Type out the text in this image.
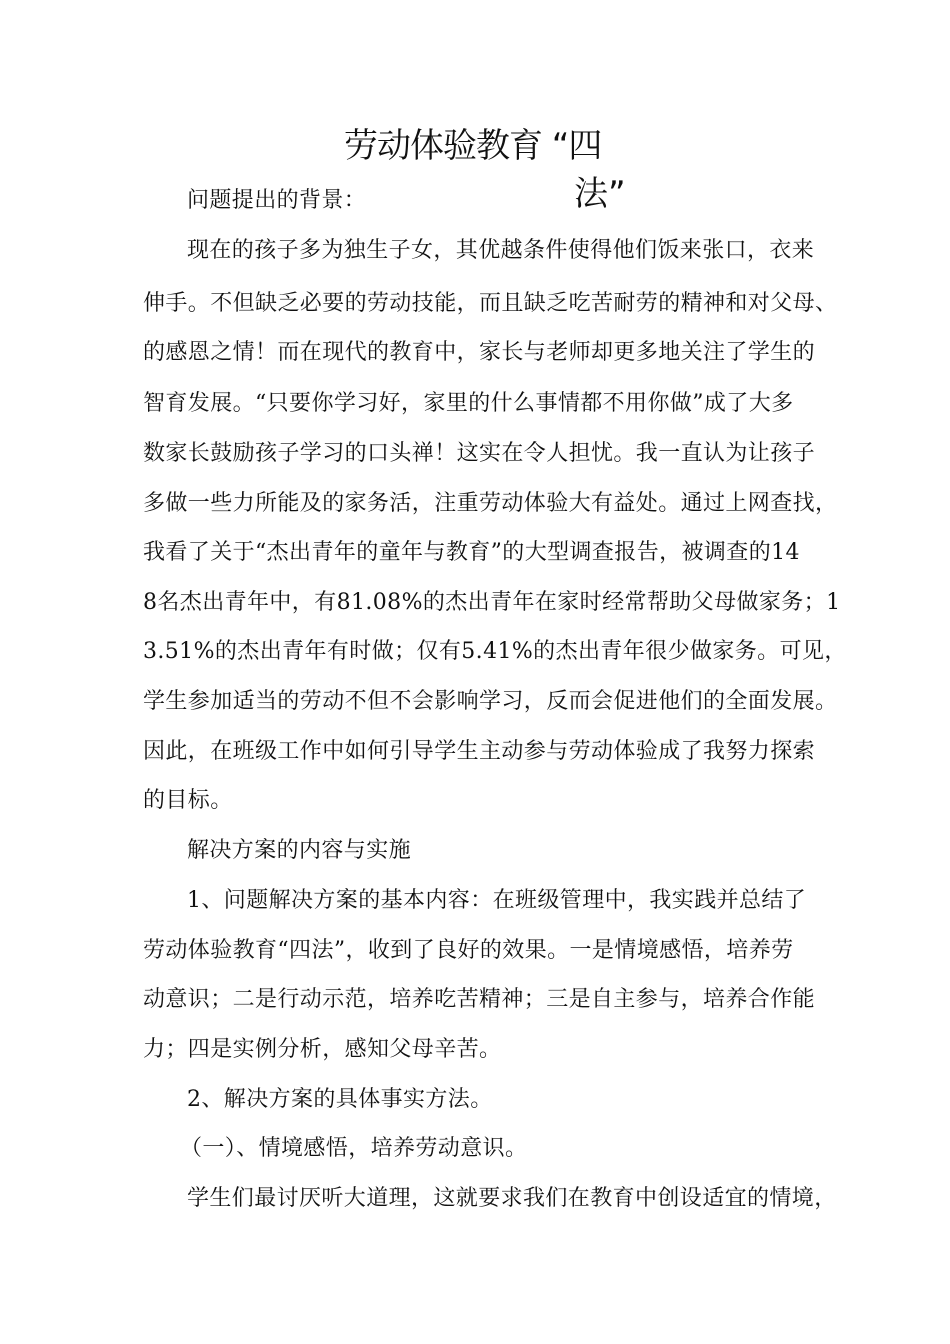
劳动体验教育 “四
法”
问题提出的背景：
现在的孩子多为独生子女，其优越条件使得他们饭来张口，衣来
伸手。不但缺乏必要的劳动技能，而且缺乏吃苦耐劳的精神和对父母、
的感恩之情！而在现代的教育中，家长与老师却更多地关注了学生的
智育发展。“只要你学习好，家里的什么事情都不用你做”成了大多
数家长鼓励孩子学习的口头禅！这实在令人担忧。我一直认为让孩子
多做一些力所能及的家务活，注重劳动体验大有益处。通过上网查找，
我看了关于“杰出青年的童年与教育”的大型调查报告，被调查的14
8名杰出青年中，有81.08%的杰出青年在家时经常帮助父母做家务；1
3.51%的杰出青年有时做；仅有5.41%的杰出青年很少做家务。可见，
学生参加适当的劳动不但不会影响学习，反而会促进他们的全面发展。
因此，在班级工作中如何引导学生主动参与劳动体验成了我努力探索
的目标。
解决方案的内容与实施
1、问题解决方案的基本内容：在班级管理中，我实践并总结了
劳动体验教育“四法”，收到了良好的效果。一是情境感悟，培养劳
动意识；二是行动示范，培养吃苦精神；三是自主参与，培养合作能
力；四是实例分析，感知父母辛苦。
2、解决方案的具体事实方法。
（一）、情境感悟，培养劳动意识。
学生们最讨厌听大道理，这就要求我们在教育中创设适宜的情境，
